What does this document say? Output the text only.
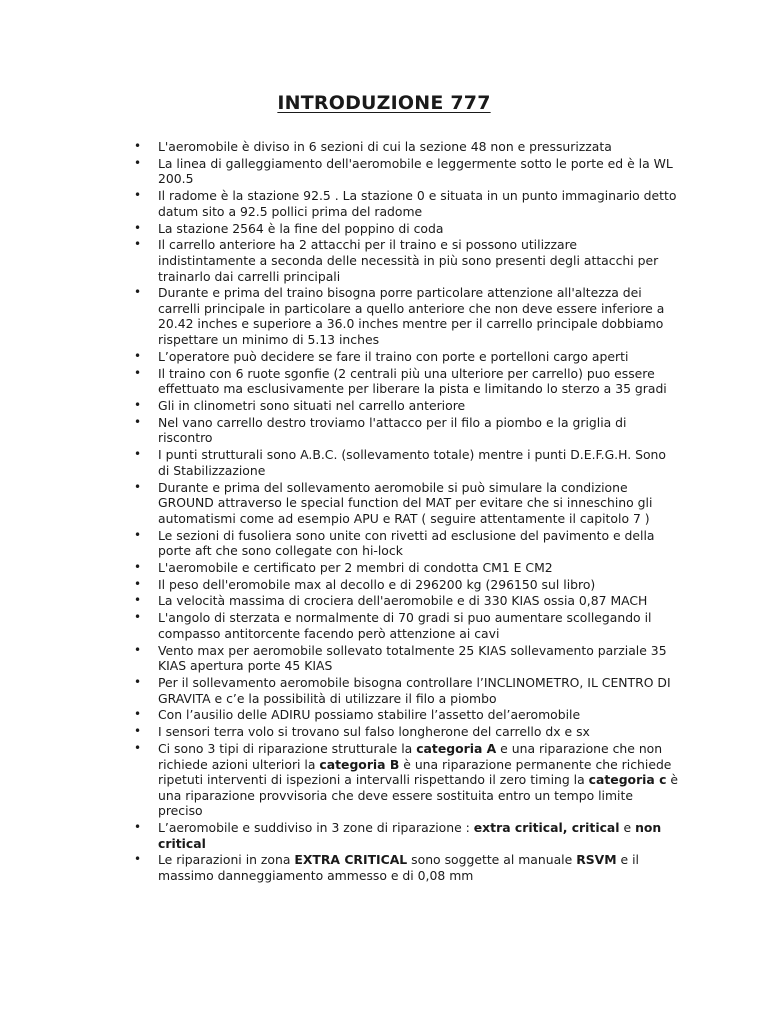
INTRODUZIONE 777
• L'aeromobile è diviso in 6 sezioni di cui la sezione 48 non e pressurizzata
• La linea di galleggiamento dell'aeromobile e leggermente sotto le porte ed è la WL 200.5
• Il radome è la stazione 92.5 . La stazione 0 e situata in un punto immaginario detto datum sito a 92.5 pollici prima del radome
• La stazione 2564 è la fine del poppino di coda
• Il carrello anteriore ha 2 attacchi per il traino e si possono utilizzare indistintamente a seconda delle necessità in più sono presenti degli attacchi per trainarlo dai carrelli principali
• Durante e prima del traino bisogna porre particolare attenzione all'altezza dei carrelli principale in particolare a quello anteriore che non deve essere inferiore a 20.42 inches e superiore a 36.0 inches mentre per il carrello principale dobbiamo rispettare un minimo di 5.13 inches
• L’operatore può decidere se fare il traino con porte e portelloni cargo aperti
• Il traino con 6 ruote sgonfie (2 centrali più una ulteriore per carrello) puo essere effettuato ma esclusivamente per liberare la pista e limitando lo sterzo a 35 gradi
• Gli in clinometri sono situati nel carrello anteriore
• Nel vano carrello destro troviamo l'attacco per il filo a piombo e la griglia di riscontro
• I punti strutturali sono A.B.C. (sollevamento totale) mentre i punti D.E.F.G.H. Sono di Stabilizzazione
• Durante e prima del sollevamento aeromobile si può simulare la condizione GROUND attraverso le special function del MAT per evitare che si inneschino gli automatismi come ad esempio APU e RAT ( seguire attentamente il capitolo 7 )
• Le sezioni di fusoliera sono unite con rivetti ad esclusione del pavimento e della porte aft che sono collegate con hi-lock
• L'aeromobile e certificato per 2 membri di condotta CM1 E CM2
• Il peso dell'eromobile max al decollo e di 296200 kg (296150 sul libro)
• La velocità massima di crociera dell'aeromobile e di 330 KIAS ossia 0,87 MACH
• L'angolo di sterzata e normalmente di 70 gradi si puo aumentare scollegando il compasso antitorcente facendo però attenzione ai cavi
• Vento max per aeromobile sollevato totalmente 25 KIAS sollevamento parziale 35 KIAS apertura porte 45 KIAS
• Per il sollevamento aeromobile bisogna controllare l’INCLINOMETRO, IL CENTRO DI GRAVITA e c’e la possibilità di utilizzare il filo a piombo
• Con l’ausilio delle ADIRU possiamo stabilire l’assetto del’aeromobile
• I sensori terra volo si trovano sul falso longherone del carrello dx e sx
• Ci sono 3 tipi di riparazione strutturale la categoria A e una riparazione che non richiede azioni ulteriori la categoria B è una riparazione permanente che richiede ripetuti interventi di ispezioni a intervalli rispettando il zero timing la categoria c è una riparazione provvisoria che deve essere sostituita entro un tempo limite preciso
• L’aeromobile e suddiviso in 3 zone di riparazione : extra critical, critical e non critical
• Le riparazioni in zona EXTRA CRITICAL sono soggette al manuale RSVM e il massimo danneggiamento ammesso e di 0,08 mm
